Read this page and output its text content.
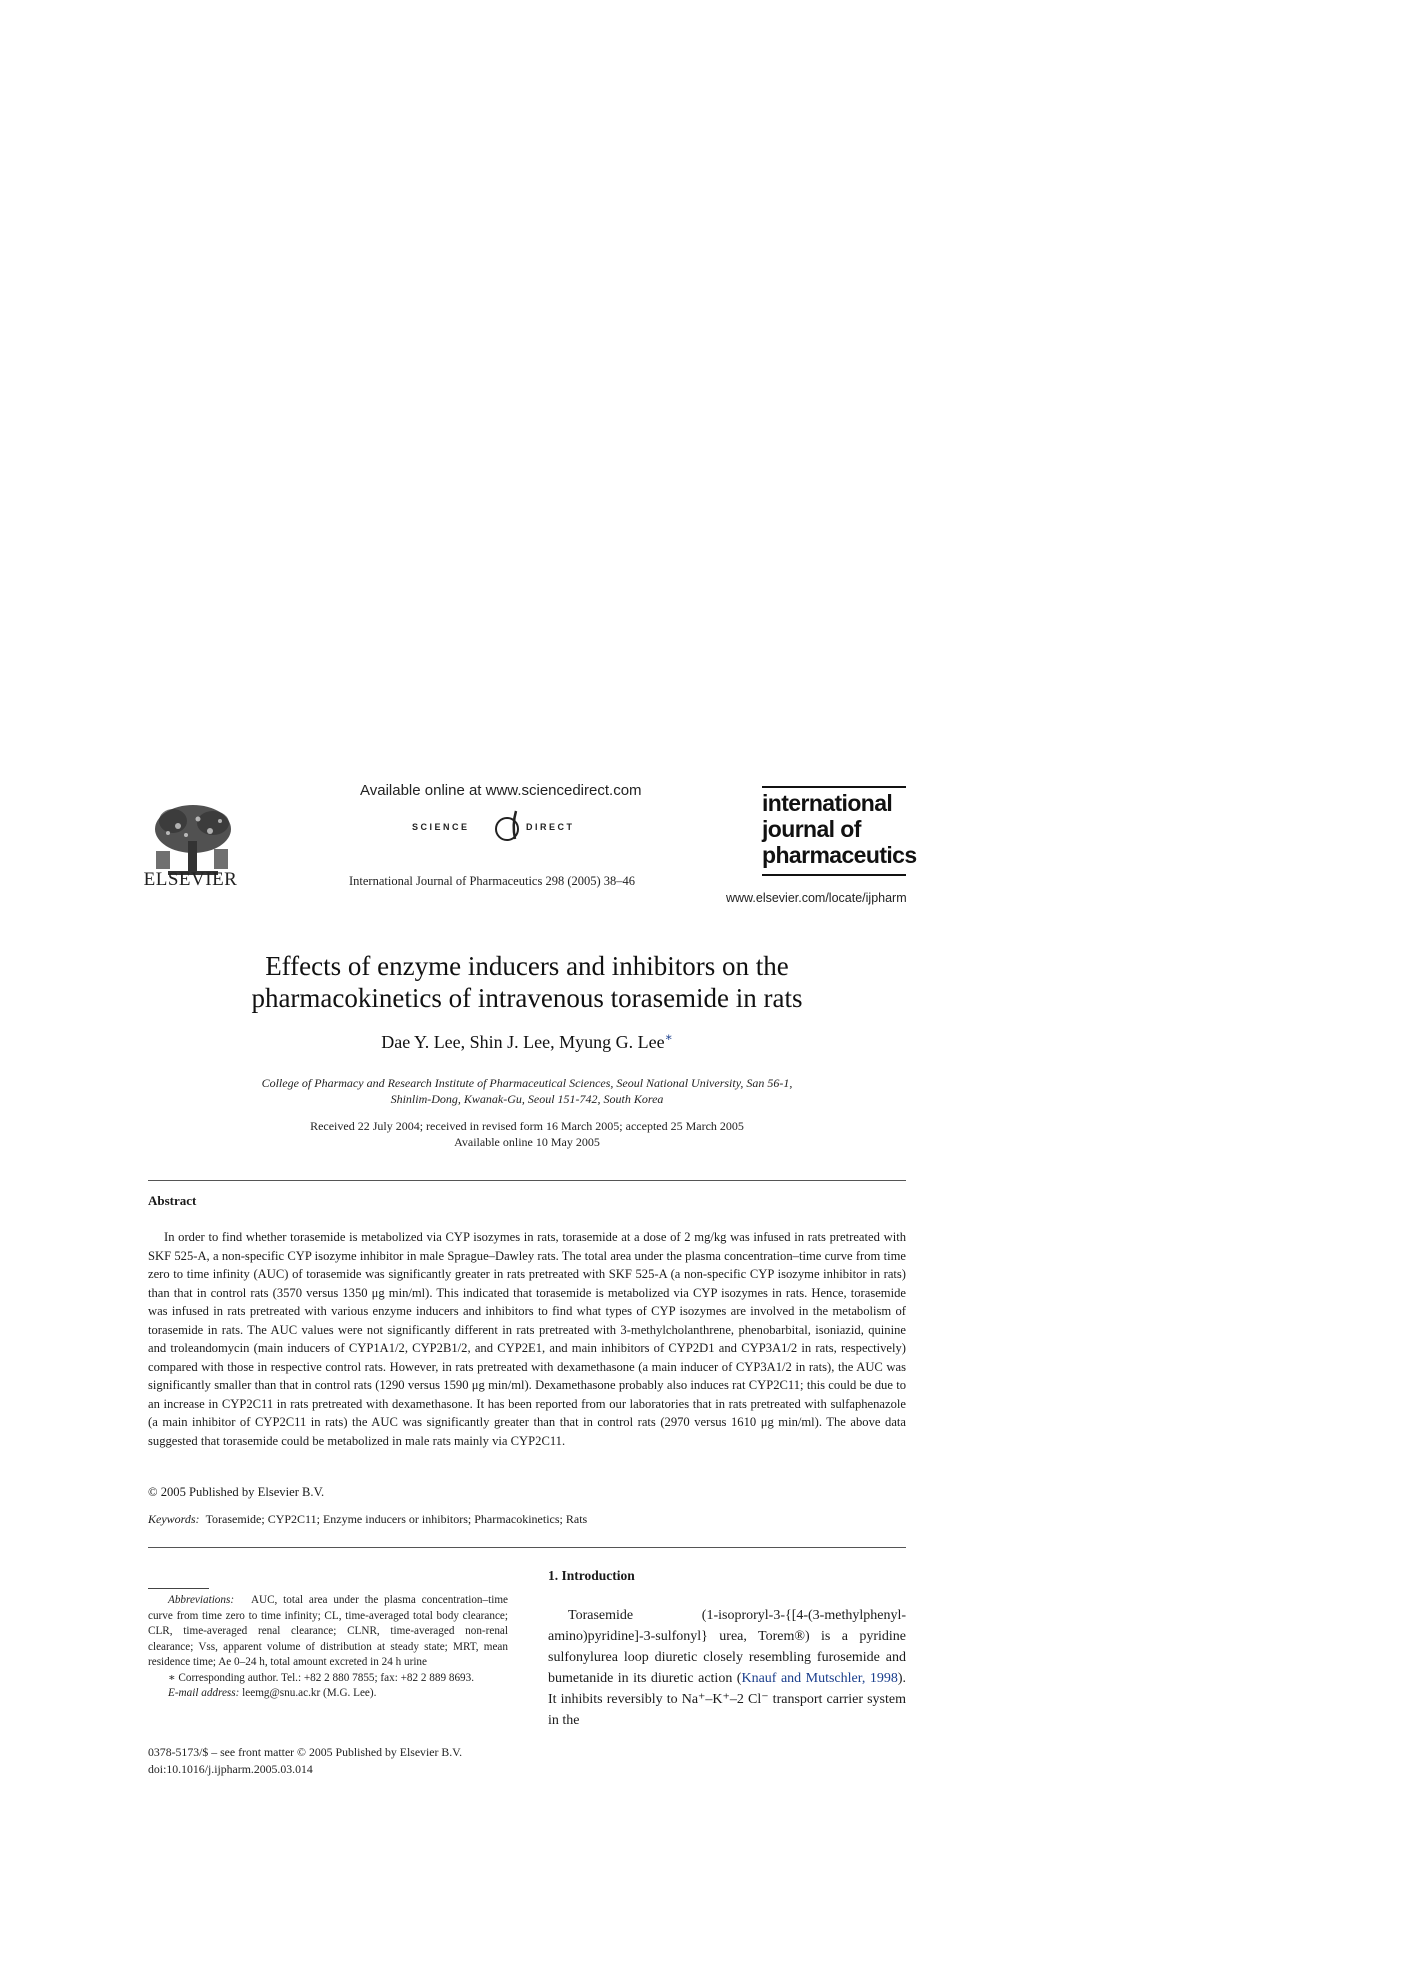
ELSEVIER
Available online at www.sciencedirect.com
SCIENCE	DIRECT
International Journal of Pharmaceutics 298 (2005) 38–46
international
journal of
pharmaceutics
www.elsevier.com/locate/ijpharm
Effects of enzyme inducers and inhibitors on the
pharmacokinetics of intravenous torasemide in rats
Dae Y. Lee, Shin J. Lee, Myung G. Lee∗
College of Pharmacy and Research Institute of Pharmaceutical Sciences, Seoul National University, San 56-1,
Shinlim-Dong, Kwanak-Gu, Seoul 151-742, South Korea
Received 22 July 2004; received in revised form 16 March 2005; accepted 25 March 2005
Available online 10 May 2005
Abstract
In order to find whether torasemide is metabolized via CYP isozymes in rats, torasemide at a dose of 2 mg/kg was infused in rats pretreated with SKF 525-A, a non-specific CYP isozyme inhibitor in male Sprague–Dawley rats. The total area under the plasma concentration–time curve from time zero to time infinity (AUC) of torasemide was significantly greater in rats pretreated with SKF 525-A (a non-specific CYP isozyme inhibitor in rats) than that in control rats (3570 versus 1350 μg min/ml). This indicated that torasemide is metabolized via CYP isozymes in rats. Hence, torasemide was infused in rats pretreated with various enzyme inducers and inhibitors to find what types of CYP isozymes are involved in the metabolism of torasemide in rats. The AUC values were not significantly different in rats pretreated with 3-methylcholanthrene, phenobarbital, isoniazid, quinine and troleandomycin (main inducers of CYP1A1/2, CYP2B1/2, and CYP2E1, and main inhibitors of CYP2D1 and CYP3A1/2 in rats, respectively) compared with those in respective control rats. However, in rats pretreated with dexamethasone (a main inducer of CYP3A1/2 in rats), the AUC was significantly smaller than that in control rats (1290 versus 1590 μg min/ml). Dexamethasone probably also induces rat CYP2C11; this could be due to an increase in CYP2C11 in rats pretreated with dexamethasone. It has been reported from our laboratories that in rats pretreated with sulfaphenazole (a main inhibitor of CYP2C11 in rats) the AUC was significantly greater than that in control rats (2970 versus 1610 μg min/ml). The above data suggested that torasemide could be metabolized in male rats mainly via CYP2C11.
© 2005 Published by Elsevier B.V.
Keywords: Torasemide; CYP2C11; Enzyme inducers or inhibitors; Pharmacokinetics; Rats

Abbreviations: AUC, total area under the plasma concentration–time curve from time zero to time infinity; CL, time-averaged total body clearance; CLR, time-averaged renal clearance; CLNR, time-averaged non-renal clearance; Vss, apparent volume of distribution at steady state; MRT, mean residence time; Ae 0–24 h, total amount excreted in 24 h urine

∗ Corresponding author. Tel.: +82 2 880 7855; fax: +82 2 889 8693.

E-mail address: leemg@snu.ac.kr (M.G. Lee).

0378-5173/$ – see front matter © 2005 Published by Elsevier B.V.
doi:10.1016/j.ijpharm.2005.03.014
1. Introduction
Torasemide (1-isoproryl-3-{[4-(3-methylphenyl-amino)pyridine]-3-sulfonyl} urea, Torem®) is a pyridine sulfonylurea loop diuretic closely resembling furosemide and bumetanide in its diuretic action (Knauf and Mutschler, 1998). It inhibits reversibly to Na⁺–K⁺–2 Cl⁻ transport carrier system in the
